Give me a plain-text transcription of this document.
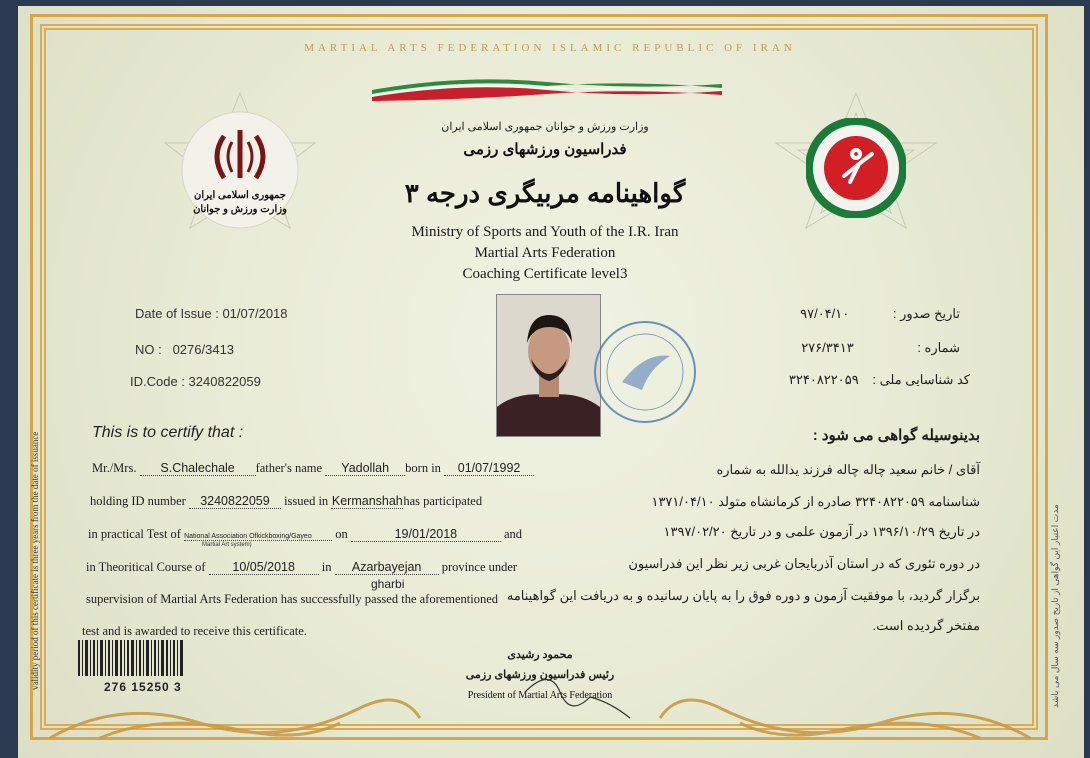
MARTIAL ARTS FEDERATION ISLAMIC REPUBLIC OF IRAN
وزارت ورزش و جوانان جمهوری اسلامی ایران
فدراسیون ورزشهای رزمی
گواهینامه مربیگری درجه ۳
Ministry of Sports and Youth of the I.R. Iran
Martial Arts Federation
Coaching Certificate level3
جمهوری اسلامی ایران
وزارت ورزش و جوانان
Date of Issue : 01/07/2018
NO : 0276/3413
ID.Code : 3240822059
تاریخ صدور : ۹۷/۰۴/۱۰
شماره : ۲۷۶/۳۴۱۳
کد شناسایی ملی : ۳۲۴۰۸۲۲۰۵۹
This is to certify that :
Mr./Mrs. S.Chalechale father's name Yadollah born in 01/07/1992
holding ID number 3240822059 issued in Kermanshahhas participated
in practical Test of National Association Ofkickboxing/Gayeo on	19/01/2018	and
Martial Art system)
in Theoritical Course of 10/05/2018 in Azarbayejan province under
gharbi
supervision of Martial Arts Federation has successfully passed the aforementioned
test and is awarded to receive this certificate.
بدینوسیله گواهی می شود :
آقای / خانم سعید چاله چاله فرزند یدالله به شماره
شناسنامه ۳۲۴۰۸۲۲۰۵۹ صادره از کرمانشاه متولد ۱۳۷۱/۰۴/۱۰
در تاریخ ۱۳۹۶/۱۰/۲۹ در آزمون علمی و در تاریخ ۱۳۹۷/۰۲/۲۰
در دوره تئوری که در استان آذربایجان غربی زیر نظر این فدراسیون
برگزار گردید، با موفقیت آزمون و دوره فوق را به پایان رسانیده و به دریافت این گواهینامه
مفتخر گردیده است.
محمود رشیدی
رئیس فدراسیون ورزشهای رزمی
President of Martial Arts Federation
276 15250 3
validity period of this certificate is three years from the date of issuance	مدت اعتبار این گواهی از تاریخ صدور سه سال می باشد
